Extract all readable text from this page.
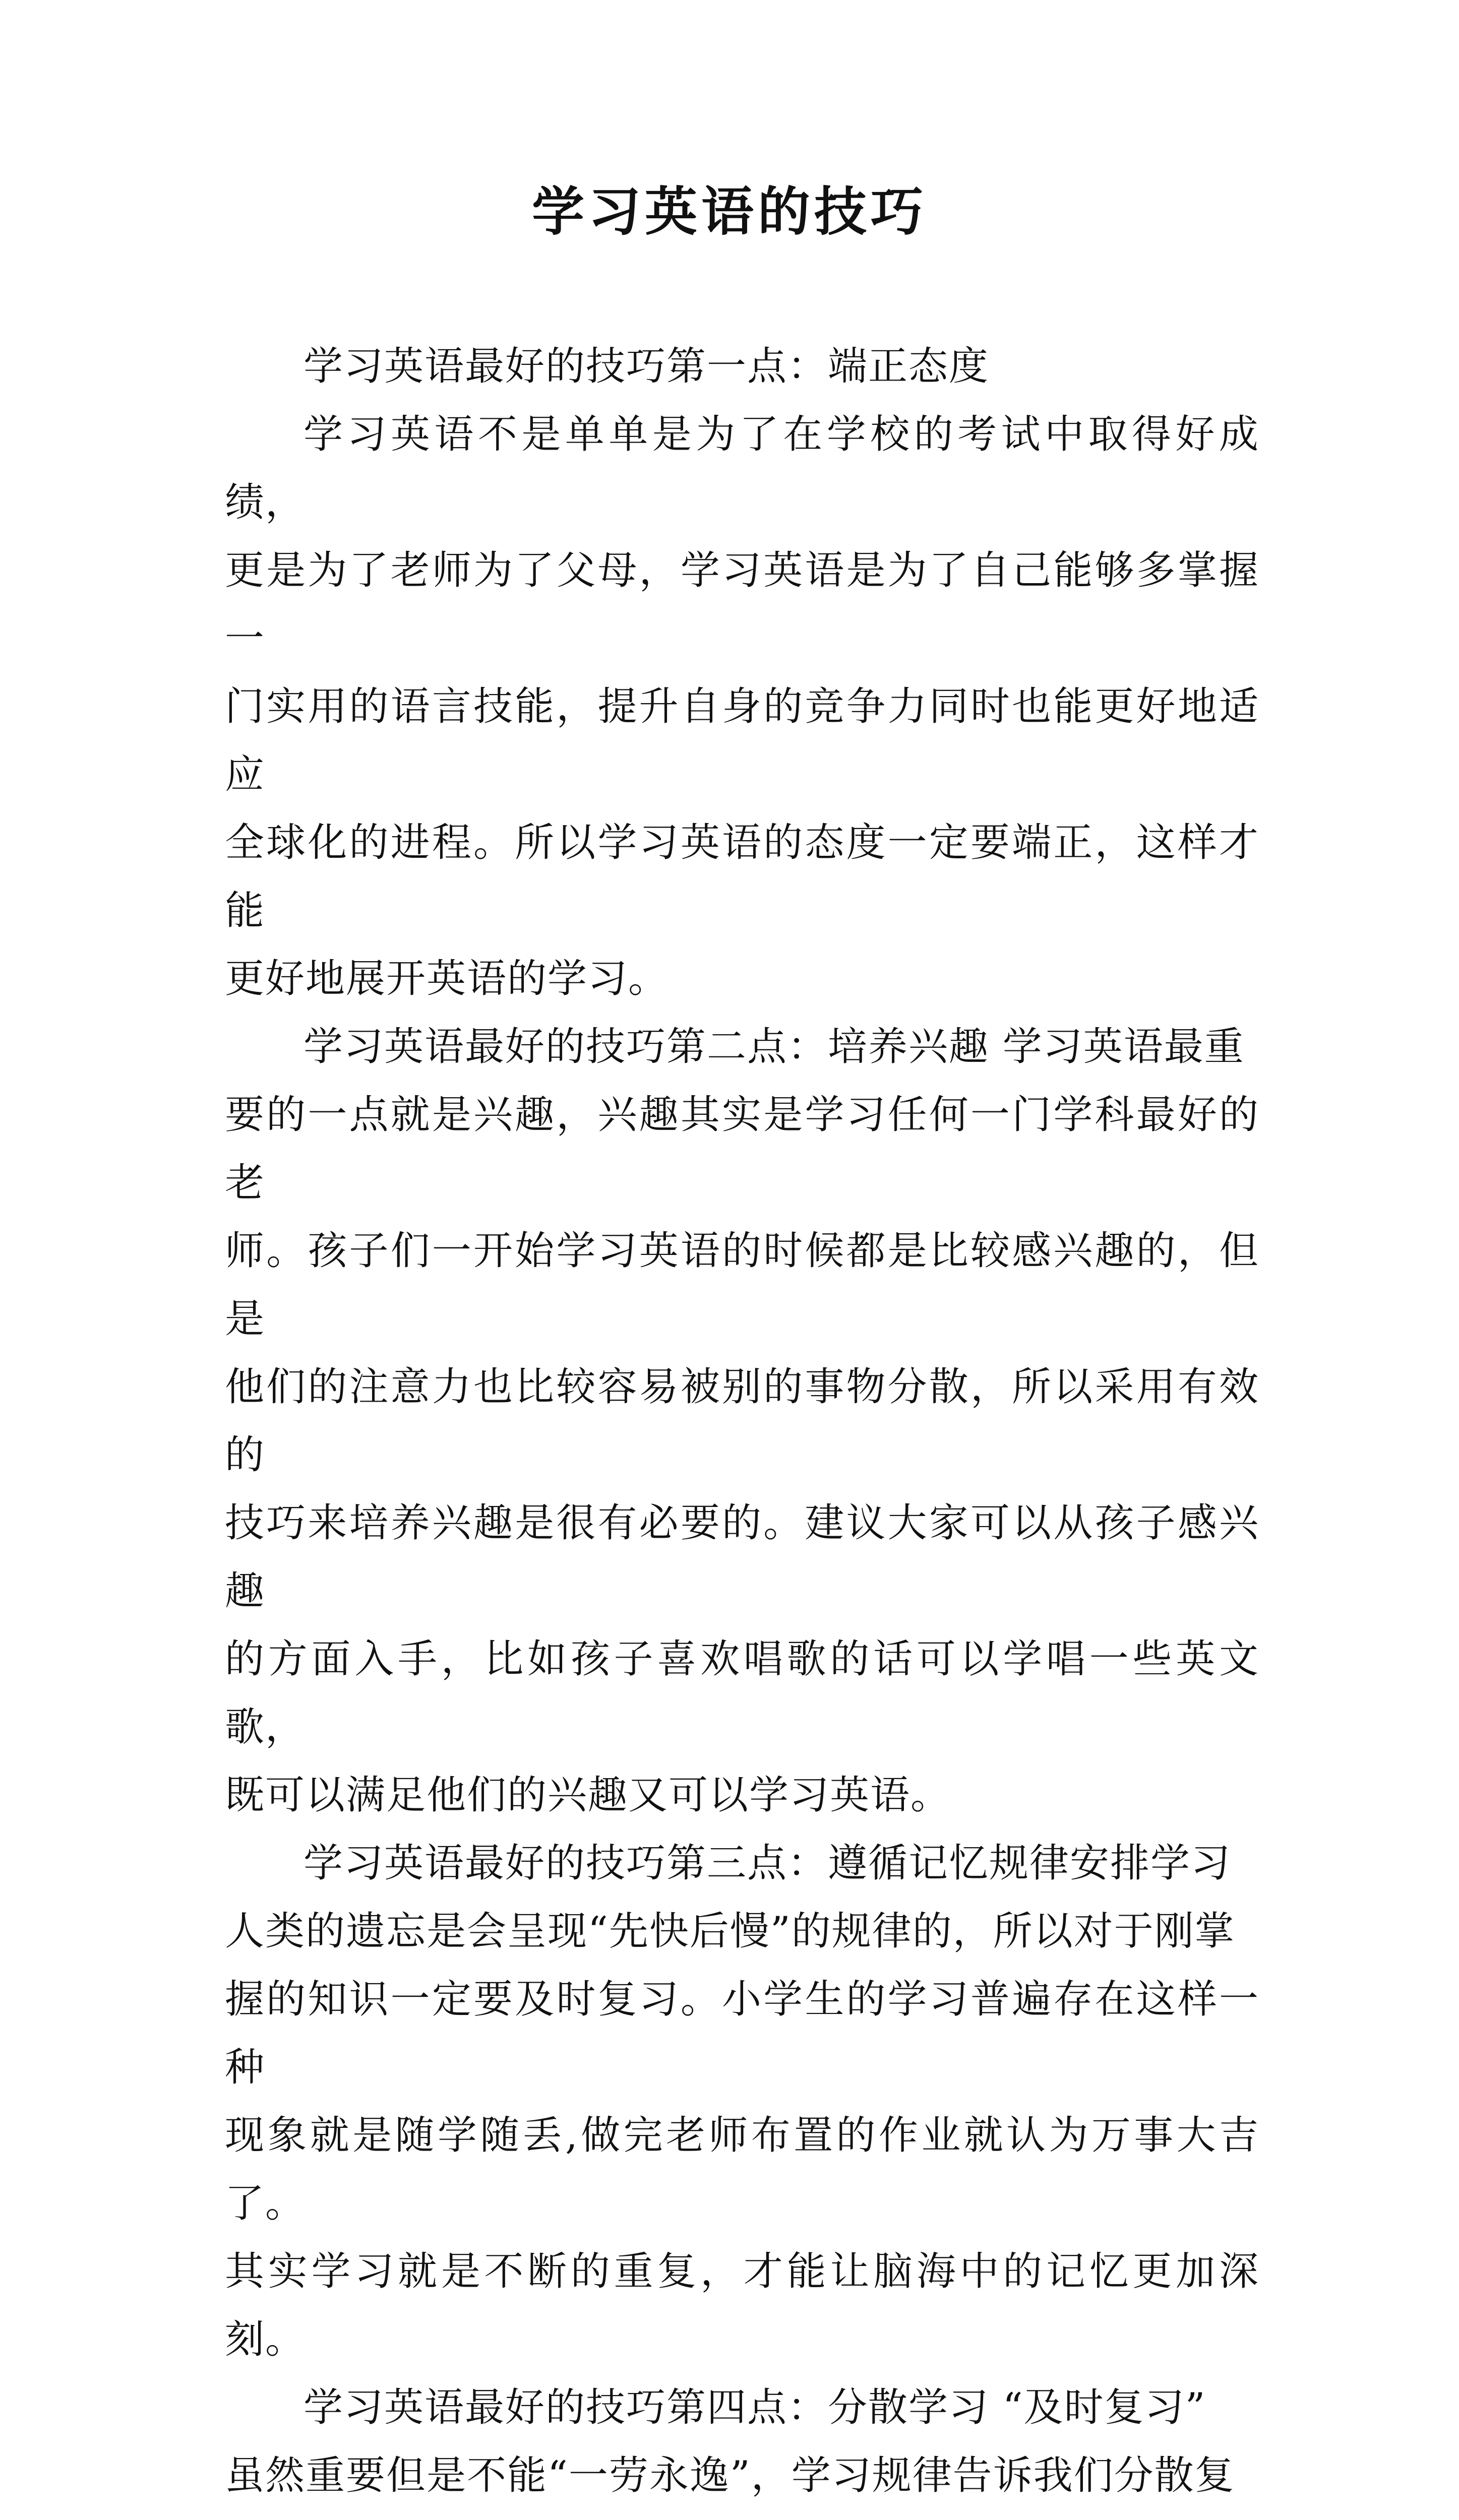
学习英语的技巧

学习英语最好的技巧第一点：端正态度

学习英语不是单单是为了在学校的考试中取得好成绩，
更是为了老师为了父母，学习英语是为了自己能够多掌握一
门实用的语言技能，提升自身的竞争力同时也能更好地适应
全球化的进程。所以学习英语的态度一定要端正，这样才能
更好地展开英语的学习。

学习英语最好的技巧第二点：培养兴趣 学习英语最重
要的一点就是兴趣，兴趣其实是学习任何一门学科最好的老
师。孩子们一开始学习英语的时候都是比较感兴趣的，但是
他们的注意力也比较容易被别的事物分散，所以采用有效的
技巧来培养兴趣是很有必要的。建议大家可以从孩子感兴趣
的方面入手，比如孩子喜欢唱歌的话可以学唱一些英文歌，
既可以满足他们的兴趣又可以学习英语。

学习英语最好的技巧第三点：遵循记忆规律安排学习
人类的遗忘是会呈现“先快后慢”的规律的，所以对于刚掌
握的知识一定要及时复习。小学生的学习普遍存在这样一种
现象就是随学随丢,做完老师布置的作业就认为万事大吉了。
其实学习就是不断的重复，才能让脑海中的记忆更加深刻。

学习英语最好的技巧第四点：分散学习 “及时复习”
虽然重要但是不能“一劳永逸”，学习规律告诉我们分散复
